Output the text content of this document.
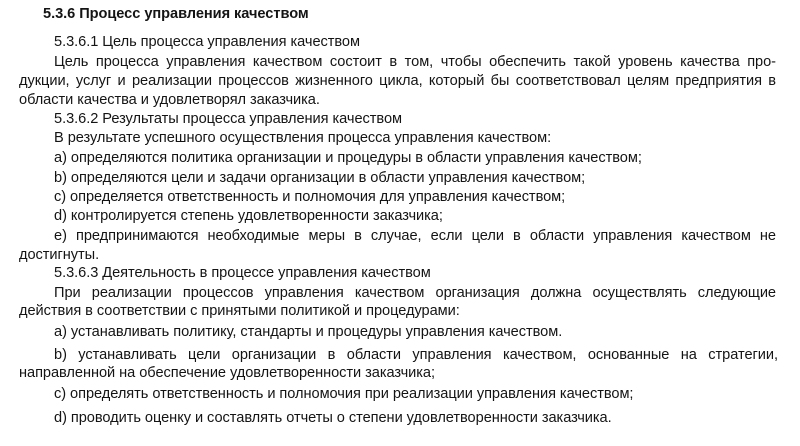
5.3.6 Процесс управления качеством
5.3.6.1 Цель процесса управления качеством
Цель процесса управления качеством состоит в том, чтобы обеспечить такой уровень качества про-
дукции, услуг и реализации процессов жизненного цикла, который бы соответствовал целям предприятия в
области качества и удовлетворял заказчика.
5.3.6.2 Результаты процесса управления качеством
В результате успешного осуществления процесса управления качеством:
a) определяются политика организации и процедуры в области управления качеством;
b) определяются цели и задачи организации в области управления качеством;
c) определяется ответственность и полномочия для управления качеством;
d) контролируется степень удовлетворенности заказчика;
e) предпринимаются необходимые меры в случае, если цели в области управления качеством не
достигнуты.
5.3.6.3 Деятельность в процессе управления качеством
При реализации процессов управления качеством организация должна осуществлять следующие
действия в соответствии с принятыми политикой и процедурами:
a) устанавливать политику, стандарты и процедуры управления качеством.
b) устанавливать цели организации в области управления качеством, основанные на стратегии,
направленной на обеспечение удовлетворенности заказчика;
c) определять ответственность и полномочия при реализации управления качеством;
d) проводить оценку и составлять отчеты о степени удовлетворенности заказчика.
